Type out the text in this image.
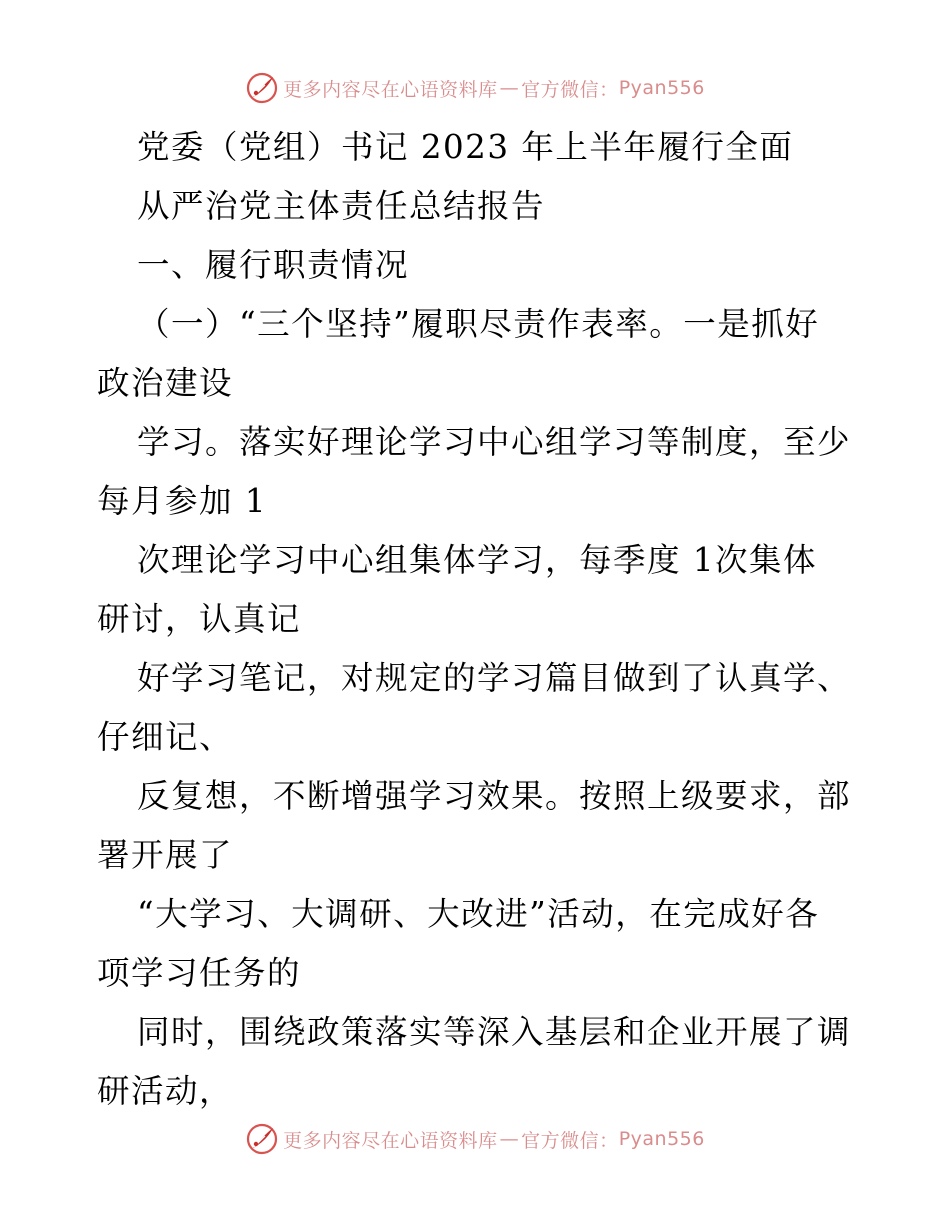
更多内容尽在心语资料库 — 官方微信： Pyan556
党委（党组）书记 2023 年上半年履行全面
从严治党主体责任总结报告
一、履行职责情况
（一）“三个坚持”履职尽责作表率。一是抓好
政治建设
学习。落实好理论学习中心组学习等制度，至少
每月参加 1
次理论学习中心组集体学习，每季度 1次集体
研讨，认真记
好学习笔记，对规定的学习篇目做到了认真学、
仔细记、
反复想，不断增强学习效果。按照上级要求，部
署开展了
“大学习、大调研、大改进”活动，在完成好各
项学习任务的
同时，围绕政策落实等深入基层和企业开展了调
研活动，
更多内容尽在心语资料库 — 官方微信： Pyan556
